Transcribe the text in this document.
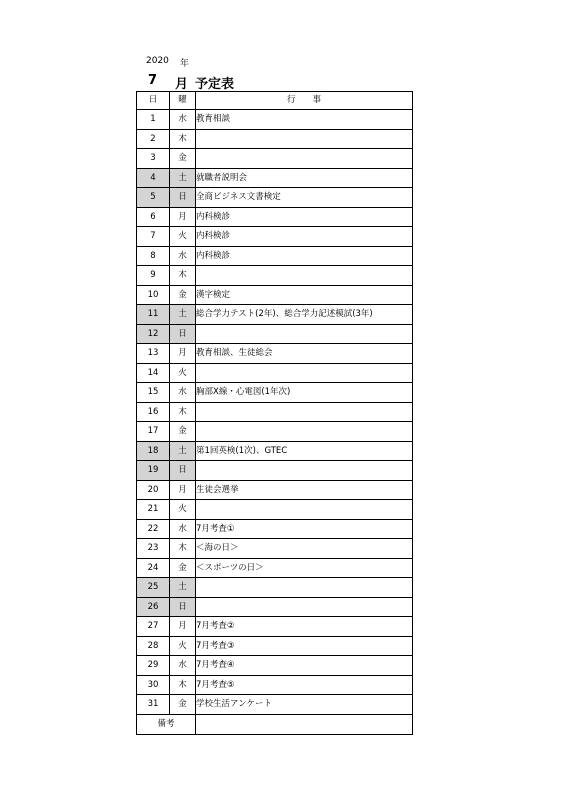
2020 年
7 月 予定表
日	曜	行　　事
1	水	教育相談
2	木	
3	金	
4	土	就職者説明会
5	日	全商ビジネス文書検定
6	月	内科検診
7	火	内科検診
8	水	内科検診
9	木	
10	金	漢字検定
11	土	総合学力テスト(2年)、総合学力記述模試(3年)
12	日	
13	月	教育相談、生徒総会
14	火	
15	水	胸部X線・心電図(1年次)
16	木	
17	金	
18	土	第1回英検(1次)、GTEC
19	日	
20	月	生徒会選挙
21	火	
22	水	7月考査①
23	木	＜海の日＞
24	金	＜スポーツの日＞
25	土	
26	日	
27	月	7月考査②
28	火	7月考査③
29	水	7月考査④
30	木	7月考査⑤
31	金	学校生活アンケート
備考		
